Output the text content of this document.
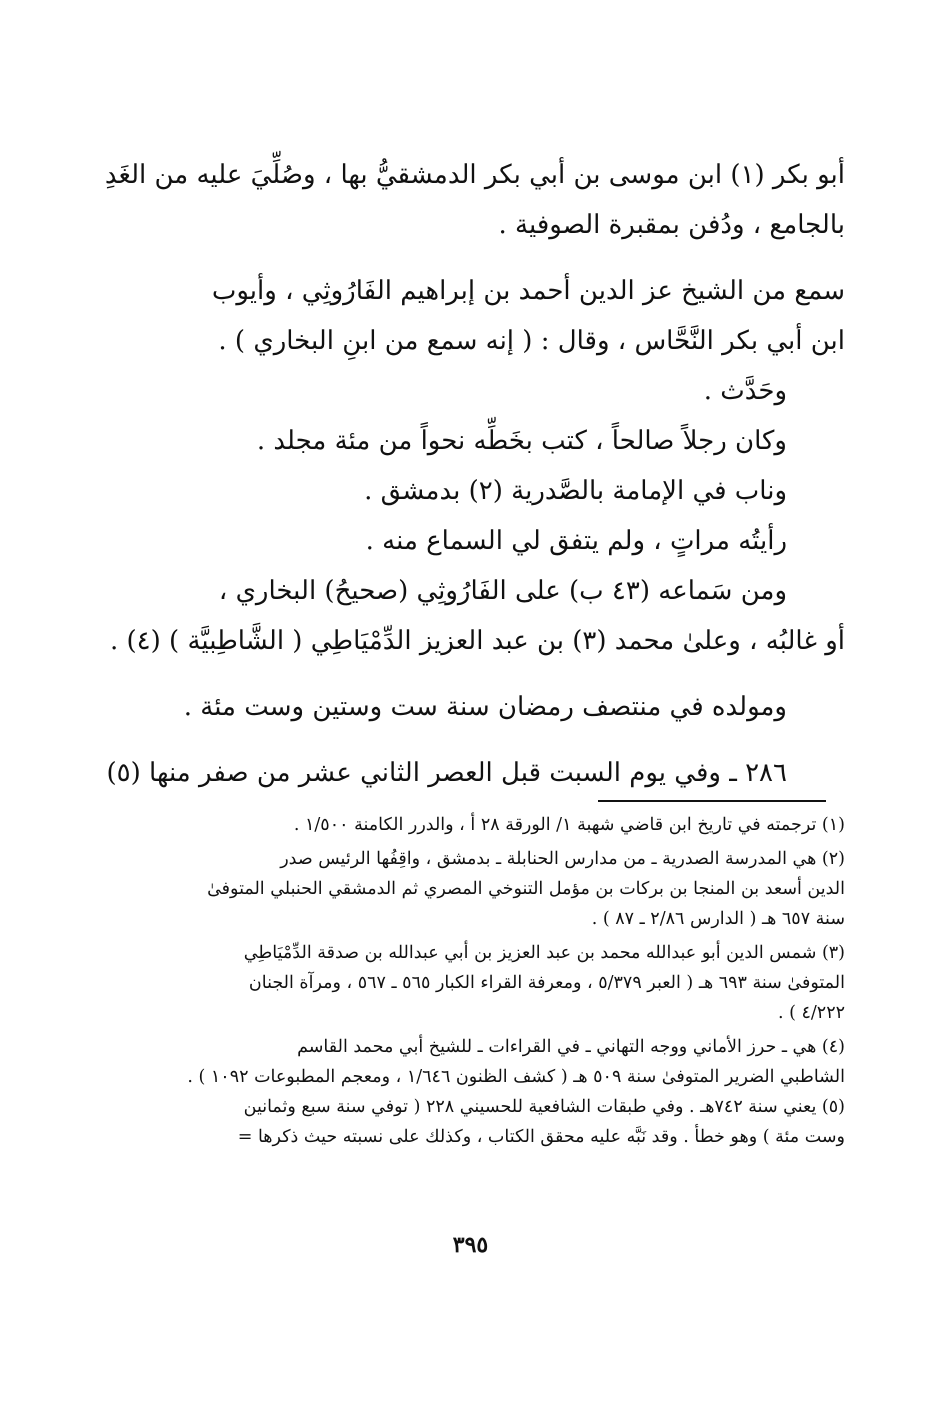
أبو بكر (١) ابن موسى بن أبي بكر الدمشقيُّ بها ، وصُلِّيَ عليه من الغَدِ

بالجامع ، ودُفن بمقبرة الصوفية .

سمع من الشيخ عز الدين أحمد بن إبراهيم الفَارُوثِي ، وأيوب

ابن أبي بكر النَّحَّاس ، وقال : ( إنه سمع من ابنِ البخاري ) .

وحَدَّث .

وكان رجلاً صالحاً ، كتب بخَطِّه نحواً من مئة مجلد .

وناب في الإمامة بالصَّدرية (٢) بدمشق .

رأيتُه مراتٍ ، ولم يتفق لي السماع منه .

ومن سَماعه (٤٣ ب) على الفَارُوثِي (صحيحُ) البخاري ،

أو غالبُه ، وعلىٰ محمد (٣) بن عبد العزيز الدِّمْيَاطِي ( الشَّاطِبيَّة ) (٤) .

ومولده في منتصف رمضان سنة ست وستين وست مئة .

٢٨٦ ـ وفي يوم السبت قبل العصر الثاني عشر من صفر منها (٥)

(١) ترجمته في تاريخ ابن قاضي شهبة ١/ الورقة ٢٨ أ ، والدرر الكامنة ١/٥٠٠ .

(٢) هي المدرسة الصدرية ـ من مدارس الحنابلة ـ بدمشق ، واقِفُها الرئيس صدر

الدين أسعد بن المنجا بن بركات بن مؤمل التنوخي المصري ثم الدمشقي الحنبلي المتوفىٰ

سنة ٦٥٧ هـ ( الدارس ٢/٨٦ ـ ٨٧ ) .

(٣) شمس الدين أبو عبدالله محمد بن عبد العزيز بن أبي عبدالله بن صدقة الدِّمْيَاطِي

المتوفىٰ سنة ٦٩٣ هـ ( العبر ٥/٣٧٩ ، ومعرفة القراء الكبار ٥٦٥ ـ ٥٦٧ ، ومرآة الجنان

٤/٢٢٢ ) .

(٤) هي ـ حرز الأماني ووجه التهاني ـ في القراءات ـ للشيخ أبي محمد القاسم

الشاطبي الضرير المتوفىٰ سنة ٥٠٩ هـ ( كشف الظنون ١/٦٤٦ ، ومعجم المطبوعات ١٠٩٢ ) .

(٥) يعني سنة ٧٤٢هـ . وفي طبقات الشافعية للحسيني ٢٢٨ ( توفي سنة سبع وثمانين

وست مئة ) وهو خطأ . وقد نَبَّه عليه محقق الكتاب ، وكذلك على نسبته حيث ذكرها =

٣٩٥
